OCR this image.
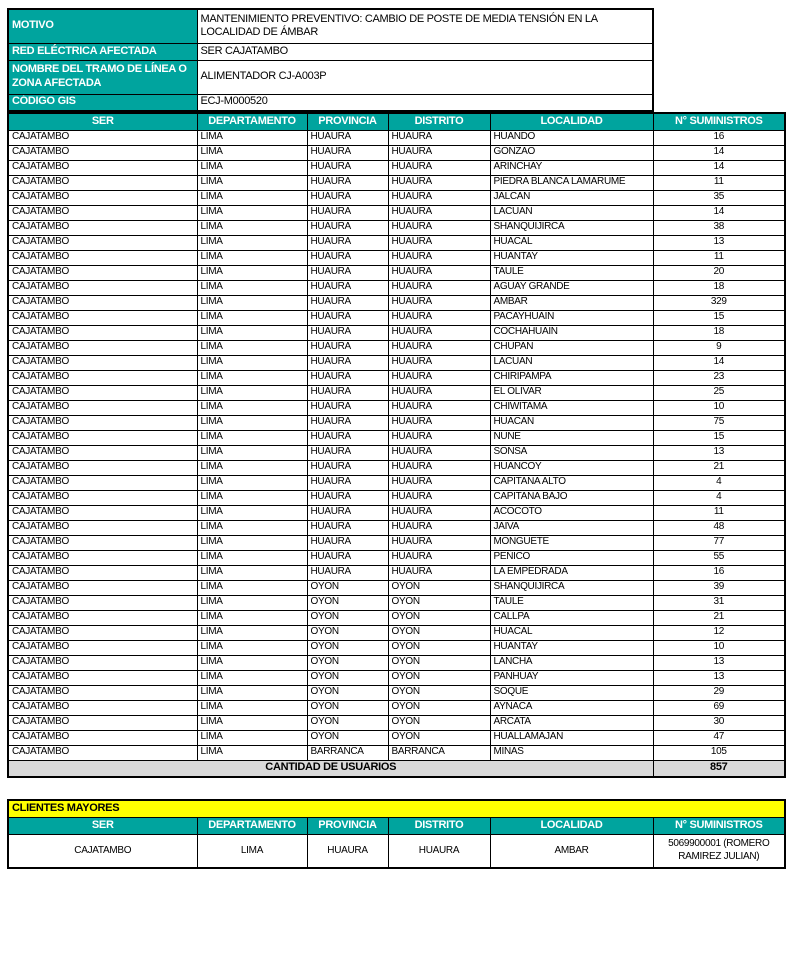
MOTIVO	MANTENIMIENTO PREVENTIVO: CAMBIO DE POSTE DE MEDIA TENSIÓN EN LA LOCALIDAD DE ÁMBAR
RED ELÉCTRICA AFECTADA	SER CAJATAMBO
NOMBRE DEL TRAMO DE LÍNEA O ZONA AFECTADA	ALIMENTADOR CJ-A003P
CÓDIGO GIS	ECJ-M000520
SER	DEPARTAMENTO	PROVINCIA	DISTRITO	LOCALIDAD	N° SUMINISTROS
CAJATAMBO	LIMA	HUAURA	HUAURA	HUANDO	16
CAJATAMBO	LIMA	HUAURA	HUAURA	GONZAO	14
CAJATAMBO	LIMA	HUAURA	HUAURA	ARINCHAY	14
CAJATAMBO	LIMA	HUAURA	HUAURA	PIEDRA BLANCA LAMARUME	11
CAJATAMBO	LIMA	HUAURA	HUAURA	JALCAN	35
CAJATAMBO	LIMA	HUAURA	HUAURA	LACUAN	14
CAJATAMBO	LIMA	HUAURA	HUAURA	SHANQUIJIRCA	38
CAJATAMBO	LIMA	HUAURA	HUAURA	HUACAL	13
CAJATAMBO	LIMA	HUAURA	HUAURA	HUANTAY	11
CAJATAMBO	LIMA	HUAURA	HUAURA	TAULE	20
CAJATAMBO	LIMA	HUAURA	HUAURA	AGUAY GRANDE	18
CAJATAMBO	LIMA	HUAURA	HUAURA	AMBAR	329
CAJATAMBO	LIMA	HUAURA	HUAURA	PACAYHUAIN	15
CAJATAMBO	LIMA	HUAURA	HUAURA	COCHAHUAIN	18
CAJATAMBO	LIMA	HUAURA	HUAURA	CHUPAN	9
CAJATAMBO	LIMA	HUAURA	HUAURA	LACUAN	14
CAJATAMBO	LIMA	HUAURA	HUAURA	CHIRIPAMPA	23
CAJATAMBO	LIMA	HUAURA	HUAURA	EL OLIVAR	25
CAJATAMBO	LIMA	HUAURA	HUAURA	CHIWITAMA	10
CAJATAMBO	LIMA	HUAURA	HUAURA	HUACAN	75
CAJATAMBO	LIMA	HUAURA	HUAURA	NUNE	15
CAJATAMBO	LIMA	HUAURA	HUAURA	SONSA	13
CAJATAMBO	LIMA	HUAURA	HUAURA	HUANCOY	21
CAJATAMBO	LIMA	HUAURA	HUAURA	CAPITANA ALTO	4
CAJATAMBO	LIMA	HUAURA	HUAURA	CAPITANA BAJO	4
CAJATAMBO	LIMA	HUAURA	HUAURA	ACOCOTO	11
CAJATAMBO	LIMA	HUAURA	HUAURA	JAIVA	48
CAJATAMBO	LIMA	HUAURA	HUAURA	MONGUETE	77
CAJATAMBO	LIMA	HUAURA	HUAURA	PEÑICO	55
CAJATAMBO	LIMA	HUAURA	HUAURA	LA EMPEDRADA	16
CAJATAMBO	LIMA	OYON	OYON	SHANQUIJIRCA	39
CAJATAMBO	LIMA	OYON	OYON	TAULE	31
CAJATAMBO	LIMA	OYON	OYON	CALLPA	21
CAJATAMBO	LIMA	OYON	OYON	HUACAL	12
CAJATAMBO	LIMA	OYON	OYON	HUANTAY	10
CAJATAMBO	LIMA	OYON	OYON	LANCHA	13
CAJATAMBO	LIMA	OYON	OYON	PANHUAY	13
CAJATAMBO	LIMA	OYON	OYON	SOQUE	29
CAJATAMBO	LIMA	OYON	OYON	AYNACA	69
CAJATAMBO	LIMA	OYON	OYON	ARCATA	30
CAJATAMBO	LIMA	OYON	OYON	HUALLAMAJAN	47
CAJATAMBO	LIMA	BARRANCA	BARRANCA	MINAS	105
CANTIDAD DE USUARIOS					857
CLIENTES MAYORES					
SER	DEPARTAMENTO	PROVINCIA	DISTRITO	LOCALIDAD	N° SUMINISTROS
CAJATAMBO	LIMA	HUAURA	HUAURA	AMBAR	5069900001 (ROMERO RAMIREZ JULIAN)
